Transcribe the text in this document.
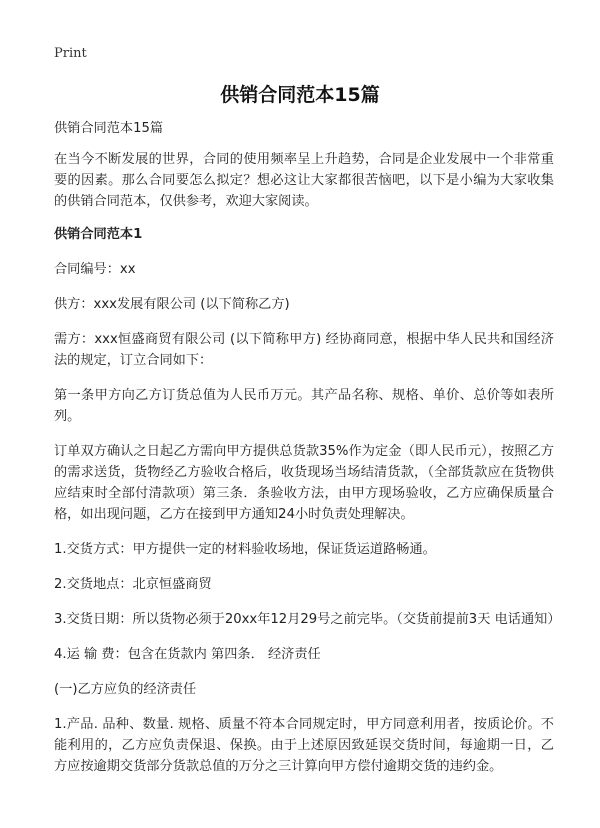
Print
供销合同范本15篇

供销合同范本15篇

在当今不断发展的世界，合同的使用频率呈上升趋势，合同是企业发展中一个非常重要的因素。那么合同要怎么拟定？想必这让大家都很苦恼吧，以下是小编为大家收集的供销合同范本，仅供参考，欢迎大家阅读。

供销合同范本1

合同编号：xx

供方：xxx发展有限公司 (以下简称乙方)

需方：xxx恒盛商贸有限公司 (以下简称甲方) 经协商同意，根据中华人民共和国经济法的规定，订立合同如下：

第一条甲方向乙方订货总值为人民币万元。其产品名称、规格、单价、总价等如表所列。

订单双方确认之日起乙方需向甲方提供总货款35%作为定金（即人民币元），按照乙方的需求送货，货物经乙方验收合格后，收货现场当场结清货款，（全部货款应在货物供应结束时全部付清款项）第三条．条验收方法，由甲方现场验收，乙方应确保质量合格，如出现问题，乙方在接到甲方通知24小时负责处理解决。

1.交货方式：甲方提供一定的材料验收场地，保证货运道路畅通。

2.交货地点：北京恒盛商贸

3.交货日期：所以货物必须于20xx年12月29号之前完毕。（交货前提前3天 电话通知）

4.运 输 费：包含在货款内 第四条． 经济责任

(一)乙方应负的经济责任

1.产品. 品种、数量. 规格、质量不符本合同规定时，甲方同意利用者，按质论价。不能利用的，乙方应负责保退、保换。由于上述原因致延误交货时间，每逾期一日，乙方应按逾期交货部分货款总值的万分之三计算向甲方偿付逾期交货的违约金。
